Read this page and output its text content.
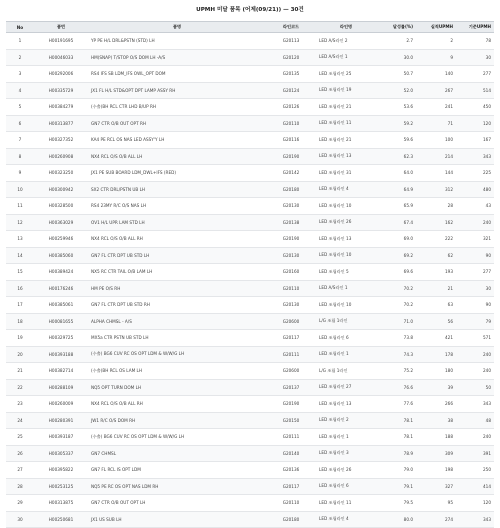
UPMH 미달 품목 (어제(09/21)) — 30건
No	품번	품명	라인코드	라인명	달성률(%)	실적UPMH	기준UPMH
1	H00191695	YP PE H/L DRL&PSTN (STD) LH	G20113	LED A/S라인 2	2.7	2	78
2	H00046033	HM(SNAP) T/STOP O/S DOM LH -A/S	G20120	LED A/S라인 1	30.0	9	30
3	H00292006	RS4 IFS SB LDM_IFS OWL_OPT DOM	G20135	LED 조립라인 25	50.7	140	277
4	H00335729	JX1 FL H/L STD&OPT DPT LAMP ASSY RH	G20124	LED 조립라인 19	52.0	267	514
5	H00384279	(수출)BH RCL CTR LHD B/UP RH	G20126	LED 조립라인 21	53.6	241	450
6	H00313877	GN7 CTR O/B OUT OPT RH	G20110	LED 조립라인 11	59.2	71	120
7	H00327352	KA4 PE RCL OS NAS LED ASSY'Y LH	G20116	LED 조립라인 21	59.6	100	167
8	H00260908	NX4 RCL O/S O/B ALL LH	G20190	LED 조립라인 13	62.3	214	343
9	H00323250	JX1 PE SUB BOARD LDM_DWL+IFS (RED)	G20142	LED 조립라인 31	64.0	144	225
10	H00300942	SX2 CTR DRL/PSTN UB LH	G20180	LED 조립라인 4	64.9	312	480
11	H00328500	RS4 23MY R/C O/S NAS LH	G20130	LED 조립라인 10	65.9	28	43
12	H00363029	OV1 H/L UPR LAM STD LH	G20138	LED 조립라인 26	67.4	162	240
13	H00259946	NX4 RCL O/S O/B ALL RH	G20190	LED 조립라인 13	69.0	222	321
14	H00385060	GN7 FL CTR DPT UB STD LH	G20130	LED 조립라인 10	69.2	62	90
15	H00389424	NX5 RC CTR TAIL O/B LAM LH	G20160	LED 조립라인 5	69.6	193	277
16	H00176246	HM PE O/S RH	G20110	LED A/S라인 1	70.2	21	30
17	H00385061	GN7 FL CTR DPT UB STD RH	G20130	LED 조립라인 10	70.2	63	90
18	H00081655	ALPHA CHMSL - A/S	G20600	L/G 조립 1라인	71.0	56	79
19	H00329725	MX5a CTR PSTN UB STD LH	G20117	LED 조립라인 6	73.8	421	571
20	H00393188	(수출) BG6 CUV RC OS OPT LDM & W/W/G LH	G20111	LED 조립라인 1	74.3	178	240
21	H00382714	(수출)BH RCL OS LAM LH	G20600	L/G 조립 1라인	75.2	180	240
22	H00288109	NQ5 OPT TURN DOM LH	G20137	LED 조립라인 27	76.6	39	50
23	H00260009	NX4 RCL O/S O/B ALL RH	G20190	LED 조립라인 13	77.6	266	343
24	H00280391	JW1 R/C O/S DOM RH	G20150	LED 조립라인 2	78.1	38	48
25	H00393187	(수출) BG6 CUV RC OS OPT LDM & W/W/G LH	G20111	LED 조립라인 1	78.1	188	240
26	H00305337	GN7 CHMSL	G20140	LED 조립라인 3	78.9	309	391
27	H00395822	GN7 FL RCL IS OPT LDM	G20136	LED 조립라인 26	79.0	198	250
28	H00253125	NQ5 PE RC OS OPT NAS LDM RH	G20117	LED 조립라인 6	79.1	327	414
29	H00313875	GN7 CTR O/B OUT OPT LH	G20110	LED 조립라인 11	79.5	95	120
30	H00250681	JX1 US SUB LH	G20180	LED 조립라인 4	80.0	274	343
